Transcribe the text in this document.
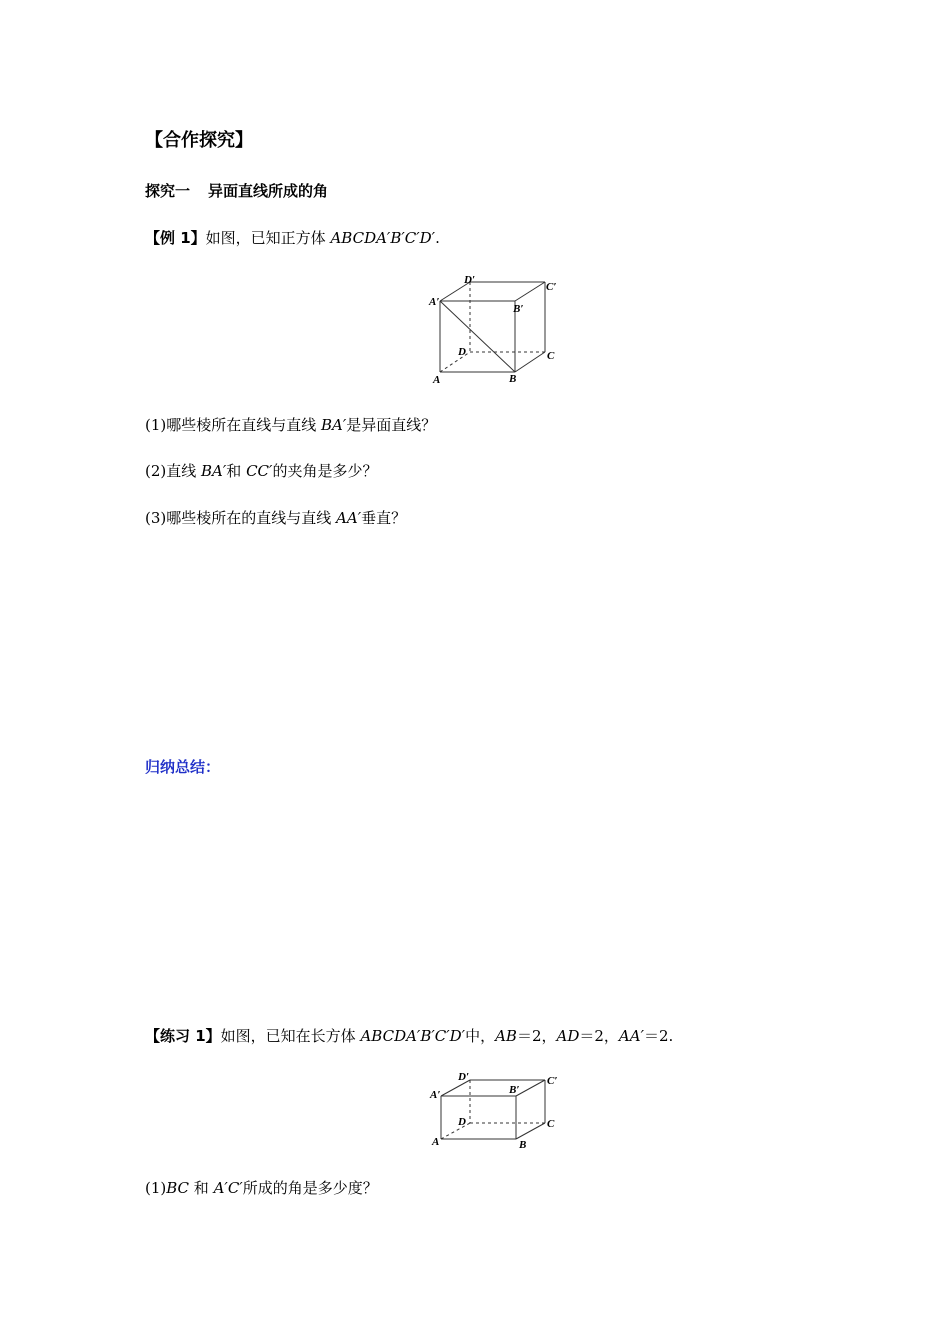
【合作探究】
探究一 异面直线所成的角
【例 1】如图，已知正方体 ABCDA′B′C′D′.
A′
B′
C′
D′
A	B
C
D
(1)哪些棱所在直线与直线 BA′是异面直线？
(2)直线 BA′和 CC′的夹角是多少？
(3)哪些棱所在的直线与直线 AA′垂直？
归纳总结：
【练习 1】如图，已知在长方体 ABCDA′B′C′D′中，AB＝2，AD＝2，AA′＝2.
A′	B′
C′
D′
A	B
C
D
(1)BC 和 A′C′所成的角是多少度？
